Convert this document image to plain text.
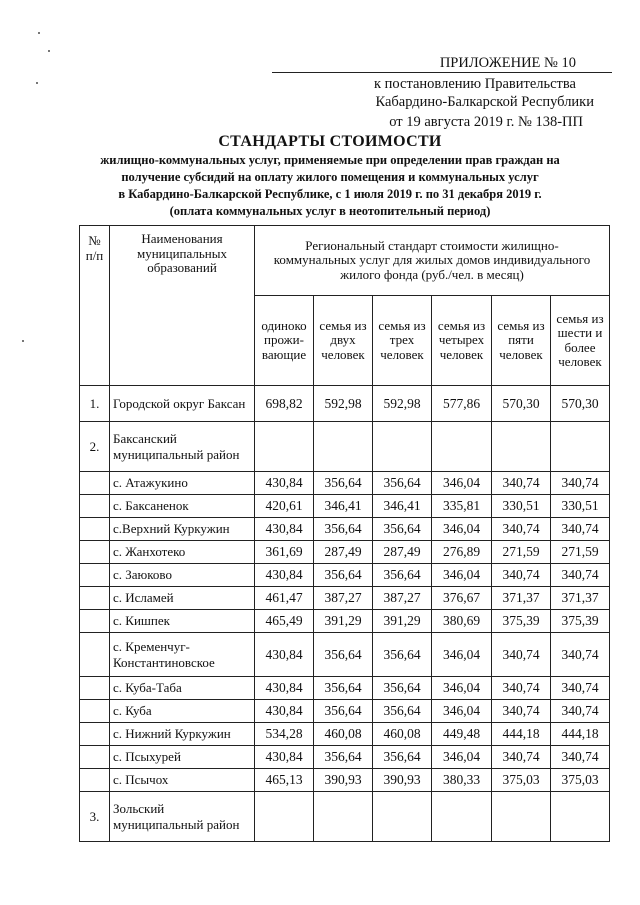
ПРИЛОЖЕНИЕ № 10
к постановлению Правительства
Кабардино-Балкарской Республики
от 19 августа 2019 г. № 138-ПП
СТАНДАРТЫ СТОИМОСТИ
жилищно-коммунальных услуг, применяемые при определении прав граждан на
получение субсидий на оплату жилого помещения и коммунальных услуг
в Кабардино-Балкарской Республике, с 1 июля 2019 г. по 31 декабря 2019 г.
(оплата коммунальных услуг в неотопительный период)
№ п/п	Наименования муниципальных образований	Региональный стандарт стоимости жилищно-коммунальных услуг для жилых домов индивидуального жилого фонда (руб./чел. в месяц)					
		одиноко прожи-вающие	семья из двух человек	семья из трех человек	семья из четырех человек	семья из пяти человек	семья из шести и более человек
1.	Городской округ Баксан	698,82	592,98	592,98	577,86	570,30	570,30
2.	Баксанский муниципальный район						
	с. Атажукино	430,84	356,64	356,64	346,04	340,74	340,74
	с. Баксаненок	420,61	346,41	346,41	335,81	330,51	330,51
	с.Верхний Куркужин	430,84	356,64	356,64	346,04	340,74	340,74
	с. Жанхотеко	361,69	287,49	287,49	276,89	271,59	271,59
	с. Заюково	430,84	356,64	356,64	346,04	340,74	340,74
	с. Исламей	461,47	387,27	387,27	376,67	371,37	371,37
	с. Кишпек	465,49	391,29	391,29	380,69	375,39	375,39
	с. Кременчуг-Константиновское	430,84	356,64	356,64	346,04	340,74	340,74
	с. Куба-Таба	430,84	356,64	356,64	346,04	340,74	340,74
	с. Куба	430,84	356,64	356,64	346,04	340,74	340,74
	с. Нижний Куркужин	534,28	460,08	460,08	449,48	444,18	444,18
	с. Псыхурей	430,84	356,64	356,64	346,04	340,74	340,74
	с. Псычох	465,13	390,93	390,93	380,33	375,03	375,03
3.	Зольский муниципальный район						
